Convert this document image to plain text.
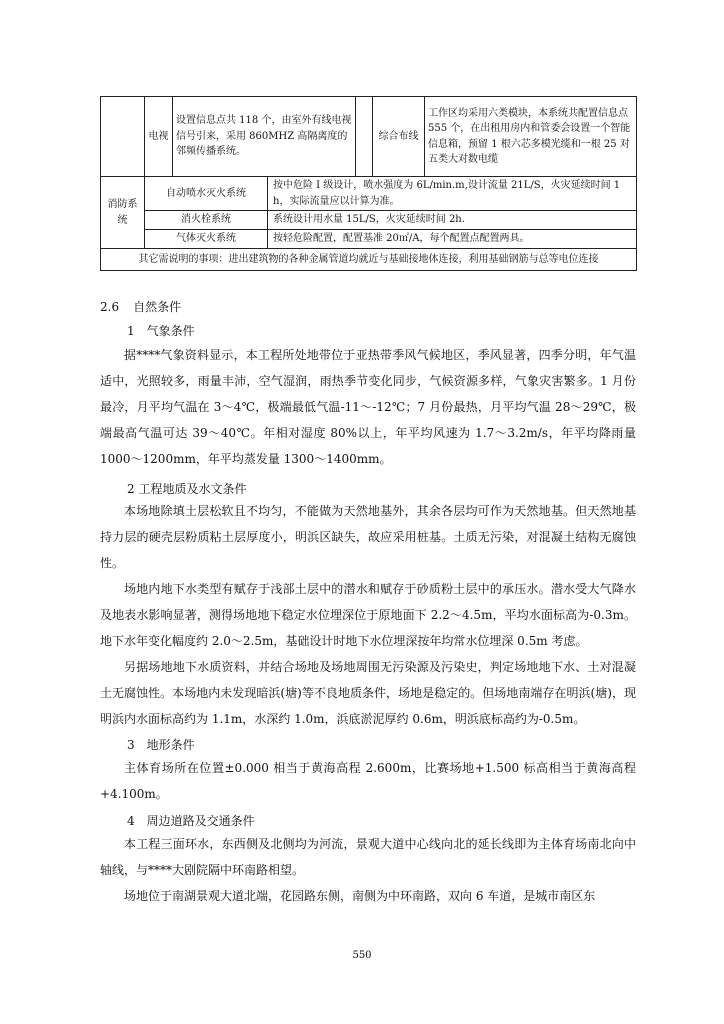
	电视	设置信息点共 118 个，由室外有线电视信号引来，采用 860MHZ 高隔离度的邻频传播系统。			综合布线	工作区均采用六类模块，本系统共配置信息点 555 个，在出租用房内和管委会设置一个智能信息箱，预留 1 根六芯多模光缆和一根 25 对五类大对数电缆
消防系统	自动喷水灭火系统		按中危险 I 级设计，喷水强度为 6L/min.m,设计流量 21L/S，火灾延续时间 1 h，实际流量应以计算为准。			
	消火栓系统		系统设计用水量 15L/S，火灾延续时间 2h.			
	气体灭火系统		按轻危险配置，配置基准 20㎡/A，每个配置点配置两具。			
其它需说明的事项：进出建筑物的各种金属管道均就近与基础接地体连接，利用基础钢筋与总等电位连接						
2.6 自然条件
1　气象条件
据****气象资料显示，本工程所处地带位于亚热带季风气候地区，季风显著，四季分明，年气温适中，光照较多，雨量丰沛，空气湿润，雨热季节变化同步，气候资源多样，气象灾害繁多。1 月份最冷，月平均气温在 3～4℃，极端最低气温-11～-12℃；7 月份最热，月平均气温 28～29℃，极端最高气温可达 39～40℃。年相对湿度 80%以上，年平均风速为 1.7～3.2m/s，年平均降雨量 1000～1200mm，年平均蒸发量 1300～1400mm。
2 工程地质及水文条件
本场地除填土层松软且不均匀，不能做为天然地基外，其余各层均可作为天然地基。但天然地基持力层的硬壳层粉质粘土层厚度小，明浜区缺失，故应采用桩基。土质无污染，对混凝土结构无腐蚀性。
场地内地下水类型有赋存于浅部土层中的潜水和赋存于砂质粉土层中的承压水。潜水受大气降水及地表水影响显著，测得场地地下稳定水位埋深位于原地面下 2.2～4.5m，平均水面标高为-0.3m。地下水年变化幅度约 2.0～2.5m，基础设计时地下水位埋深按年均常水位埋深 0.5m 考虑。
另据场地地下水质资料，并结合场地及场地周围无污染源及污染史，判定场地地下水、土对混凝土无腐蚀性。本场地内未发现暗浜(塘)等不良地质条件，场地是稳定的。但场地南端存在明浜(塘)，现明浜内水面标高约为 1.1m，水深约 1.0m，浜底淤泥厚约 0.6m，明浜底标高约为-0.5m。
3　地形条件
主体育场所在位置±0.000 相当于黄海高程 2.600m，比赛场地+1.500 标高相当于黄海高程+4.100m。
4　周边道路及交通条件
本工程三面环水，东西侧及北侧均为河流，景观大道中心线向北的延长线即为主体育场南北向中轴线，与****大剧院隔中环南路相望。
场地位于南湖景观大道北端，花园路东侧，南侧为中环南路，双向 6 车道，是城市南区东
550
